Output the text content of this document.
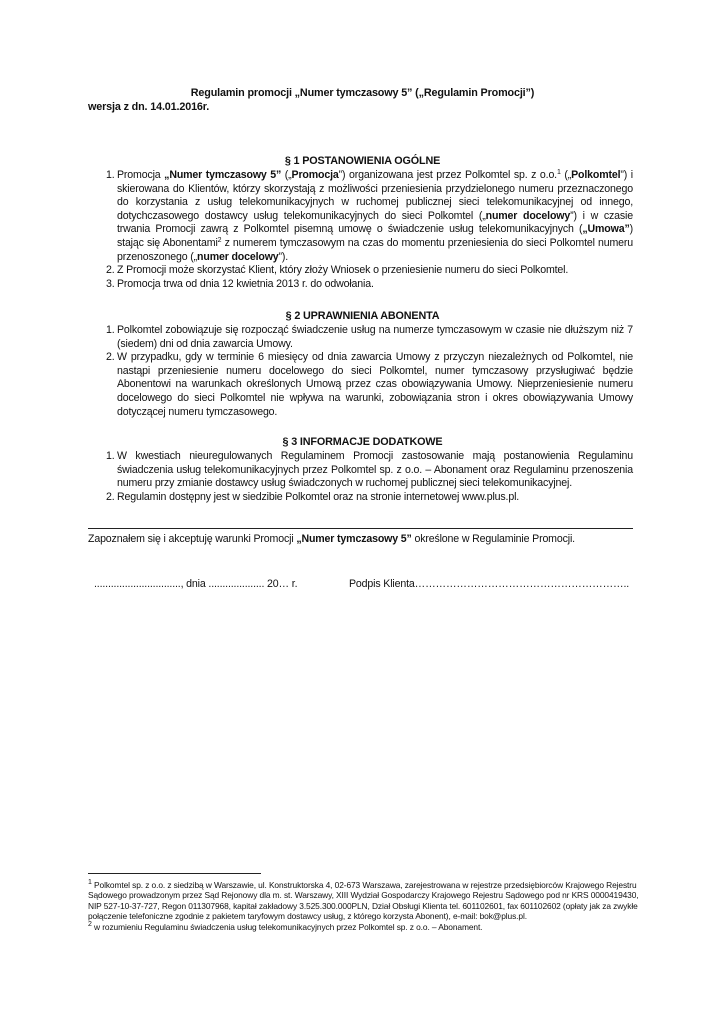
Regulamin promocji „Numer tymczasowy 5” („Regulamin Promocji”)
wersja z dn. 14.01.2016r.
§ 1 POSTANOWIENIA OGÓLNE
1. Promocja „Numer tymczasowy 5” („Promocja”) organizowana jest przez Polkomtel sp. z o.o.$^1$ („Polkomtel”) i skierowana do Klientów, którzy skorzystają z możliwości przeniesienia przydzielonego numeru przeznaczonego do korzystania z usług telekomunikacyjnych w ruchomej publicznej sieci telekomunikacyjnej od innego, dotychczasowego dostawcy usług telekomunikacyjnych do sieci Polkomtel („numer docelowy”) i w czasie trwania Promocji zawrą z Polkomtel pisemną umowę o świadczenie usług telekomunikacyjnych („Umowa”) stając się Abonentami$^2$ z numerem tymczasowym na czas do momentu przeniesienia do sieci Polkomtel numeru przenoszonego („numer docelowy”).
2. Z Promocji może skorzystać Klient, który złoży Wniosek o przeniesienie numeru do sieci Polkomtel.
3. Promocja trwa od dnia 12 kwietnia 2013 r. do odwołania.
§ 2 UPRAWNIENIA ABONENTA
1. Polkomtel zobowiązuje się rozpocząć świadczenie usług na numerze tymczasowym w czasie nie dłuższym niż 7 (siedem) dni od dnia zawarcia Umowy.
2. W przypadku, gdy w terminie 6 miesięcy od dnia zawarcia Umowy z przyczyn niezależnych od Polkomtel, nie nastąpi przeniesienie numeru docelowego do sieci Polkomtel, numer tymczasowy przysługiwać będzie Abonentowi na warunkach określonych Umową przez czas obowiązywania Umowy. Nieprzeniesienie numeru docelowego do sieci Polkomtel nie wpływa na warunki, zobowiązania stron i okres obowiązywania Umowy dotyczącej numeru tymczasowego.
§ 3 INFORMACJE DODATKOWE
1. W kwestiach nieuregulowanych Regulaminem Promocji zastosowanie mają postanowienia Regulaminu świadczenia usług telekomunikacyjnych przez Polkomtel sp. z o.o. – Abonament oraz Regulaminu przenoszenia numeru przy zmianie dostawcy usług świadczonych w ruchomej publicznej sieci telekomunikacyjnej.
2. Regulamin dostępny jest w siedzibie Polkomtel oraz na stronie internetowej www.plus.pl.
Zapoznałem się i akceptuję warunki Promocji „Numer tymczasowy 5” określone w Regulaminie Promocji.
..............................., dnia .................... 20… r.	Podpis Klienta……………………………………………………..

$^1$ Polkomtel sp. z o.o. z siedzibą w Warszawie, ul. Konstruktorska 4, 02-673 Warszawa, zarejestrowana w rejestrze przedsiębiorców Krajowego Rejestru Sądowego prowadzonym przez Sąd Rejonowy dla m. st. Warszawy, XIII Wydział Gospodarczy Krajowego Rejestru Sądowego pod nr KRS 0000419430, NIP 527-10-37-727, Regon 011307968, kapitał zakładowy 3.525.300.000PLN, Dział Obsługi Klienta tel. 601102601, fax 601102602 (opłaty jak za zwykłe połączenie telefoniczne zgodnie z pakietem taryfowym dostawcy usług, z którego korzysta Abonent), e-mail: bok@plus.pl.

$^2$ w rozumieniu Regulaminu świadczenia usług telekomunikacyjnych przez Polkomtel sp. z o.o. – Abonament.
